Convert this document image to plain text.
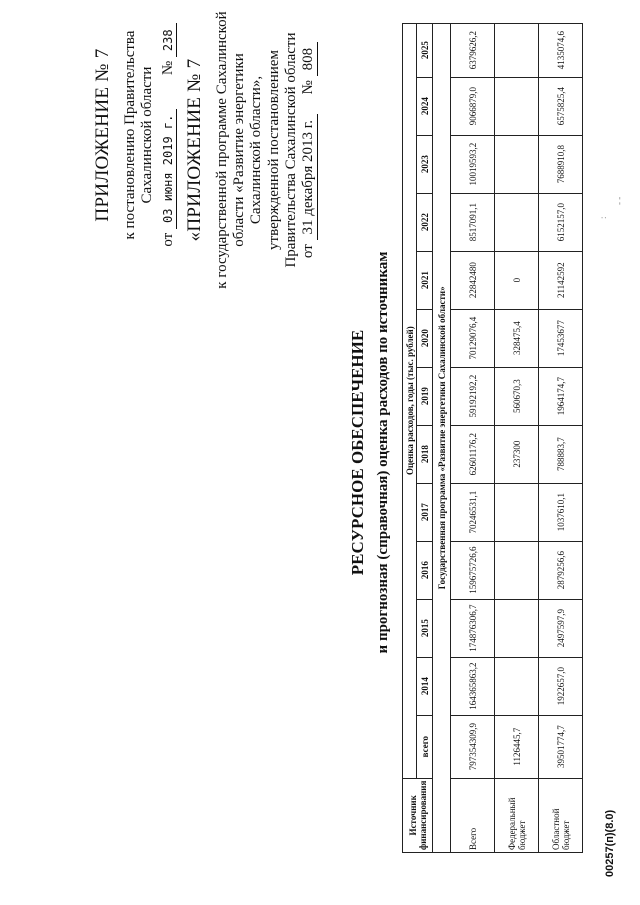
ПРИЛОЖЕНИЕ № 7 к постановлению Правительства Сахалинской области
от 03 июня 2019 г.  № 238
«ПРИЛОЖЕНИЕ № 7 к государственной программе Сахалинской области «Развитие энергетики Сахалинской области», утвержденной постановлением Правительства Сахалинской области от 31 декабря 2013 г.  № 808
РЕСУРСНОЕ ОБЕСПЕЧЕНИЕ и прогнозная (справочная) оценка расходов по источникам
Источник финансирования	Оценка расходов, годы (тыс. рублей)												
	всего	2014	2015	2016	2017	2018	2019	2020	2021	2022	2023	2024	2025
Государственная программа «Развитие энергетики Сахалинской области»													
Всего	797354309,9	164365863,2	174876306,7	159675726,6	70246531,1	62601176,2	59192192,2	70129076,4	22842480	8517091,1	10019593,2	9066879,0	6379626,2
Федеральный бюджет	1126445,7					237300	560670,3	328475,4	0				
Областной бюджет	39501774,7	1922657,0	2497597,9	2879256,6	1037610,1	788883,7	1964174,7	17453677	21142592	6152157,0	7688910,8	6575825,4	4135074,6
00257(п)(8.0)
:
- -
